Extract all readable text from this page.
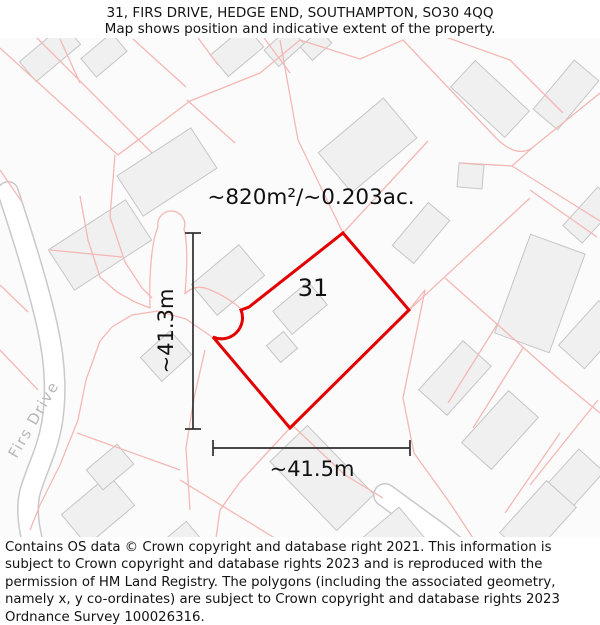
Firs Drive
~41.3m
~41.5m
~820m²/~0.203ac.
31
31, FIRS DRIVE, HEDGE END, SOUTHAMPTON, SO30 4QQ
Map shows position and indicative extent of the property.

Contains OS data © Crown copyright and database right 2021. This information is subject to Crown copyright and database rights 2023 and is reproduced with the permission of HM Land Registry. The polygons (including the associated geometry, namely x, y co-ordinates) are subject to Crown copyright and database rights 2023 Ordnance Survey 100026316.
